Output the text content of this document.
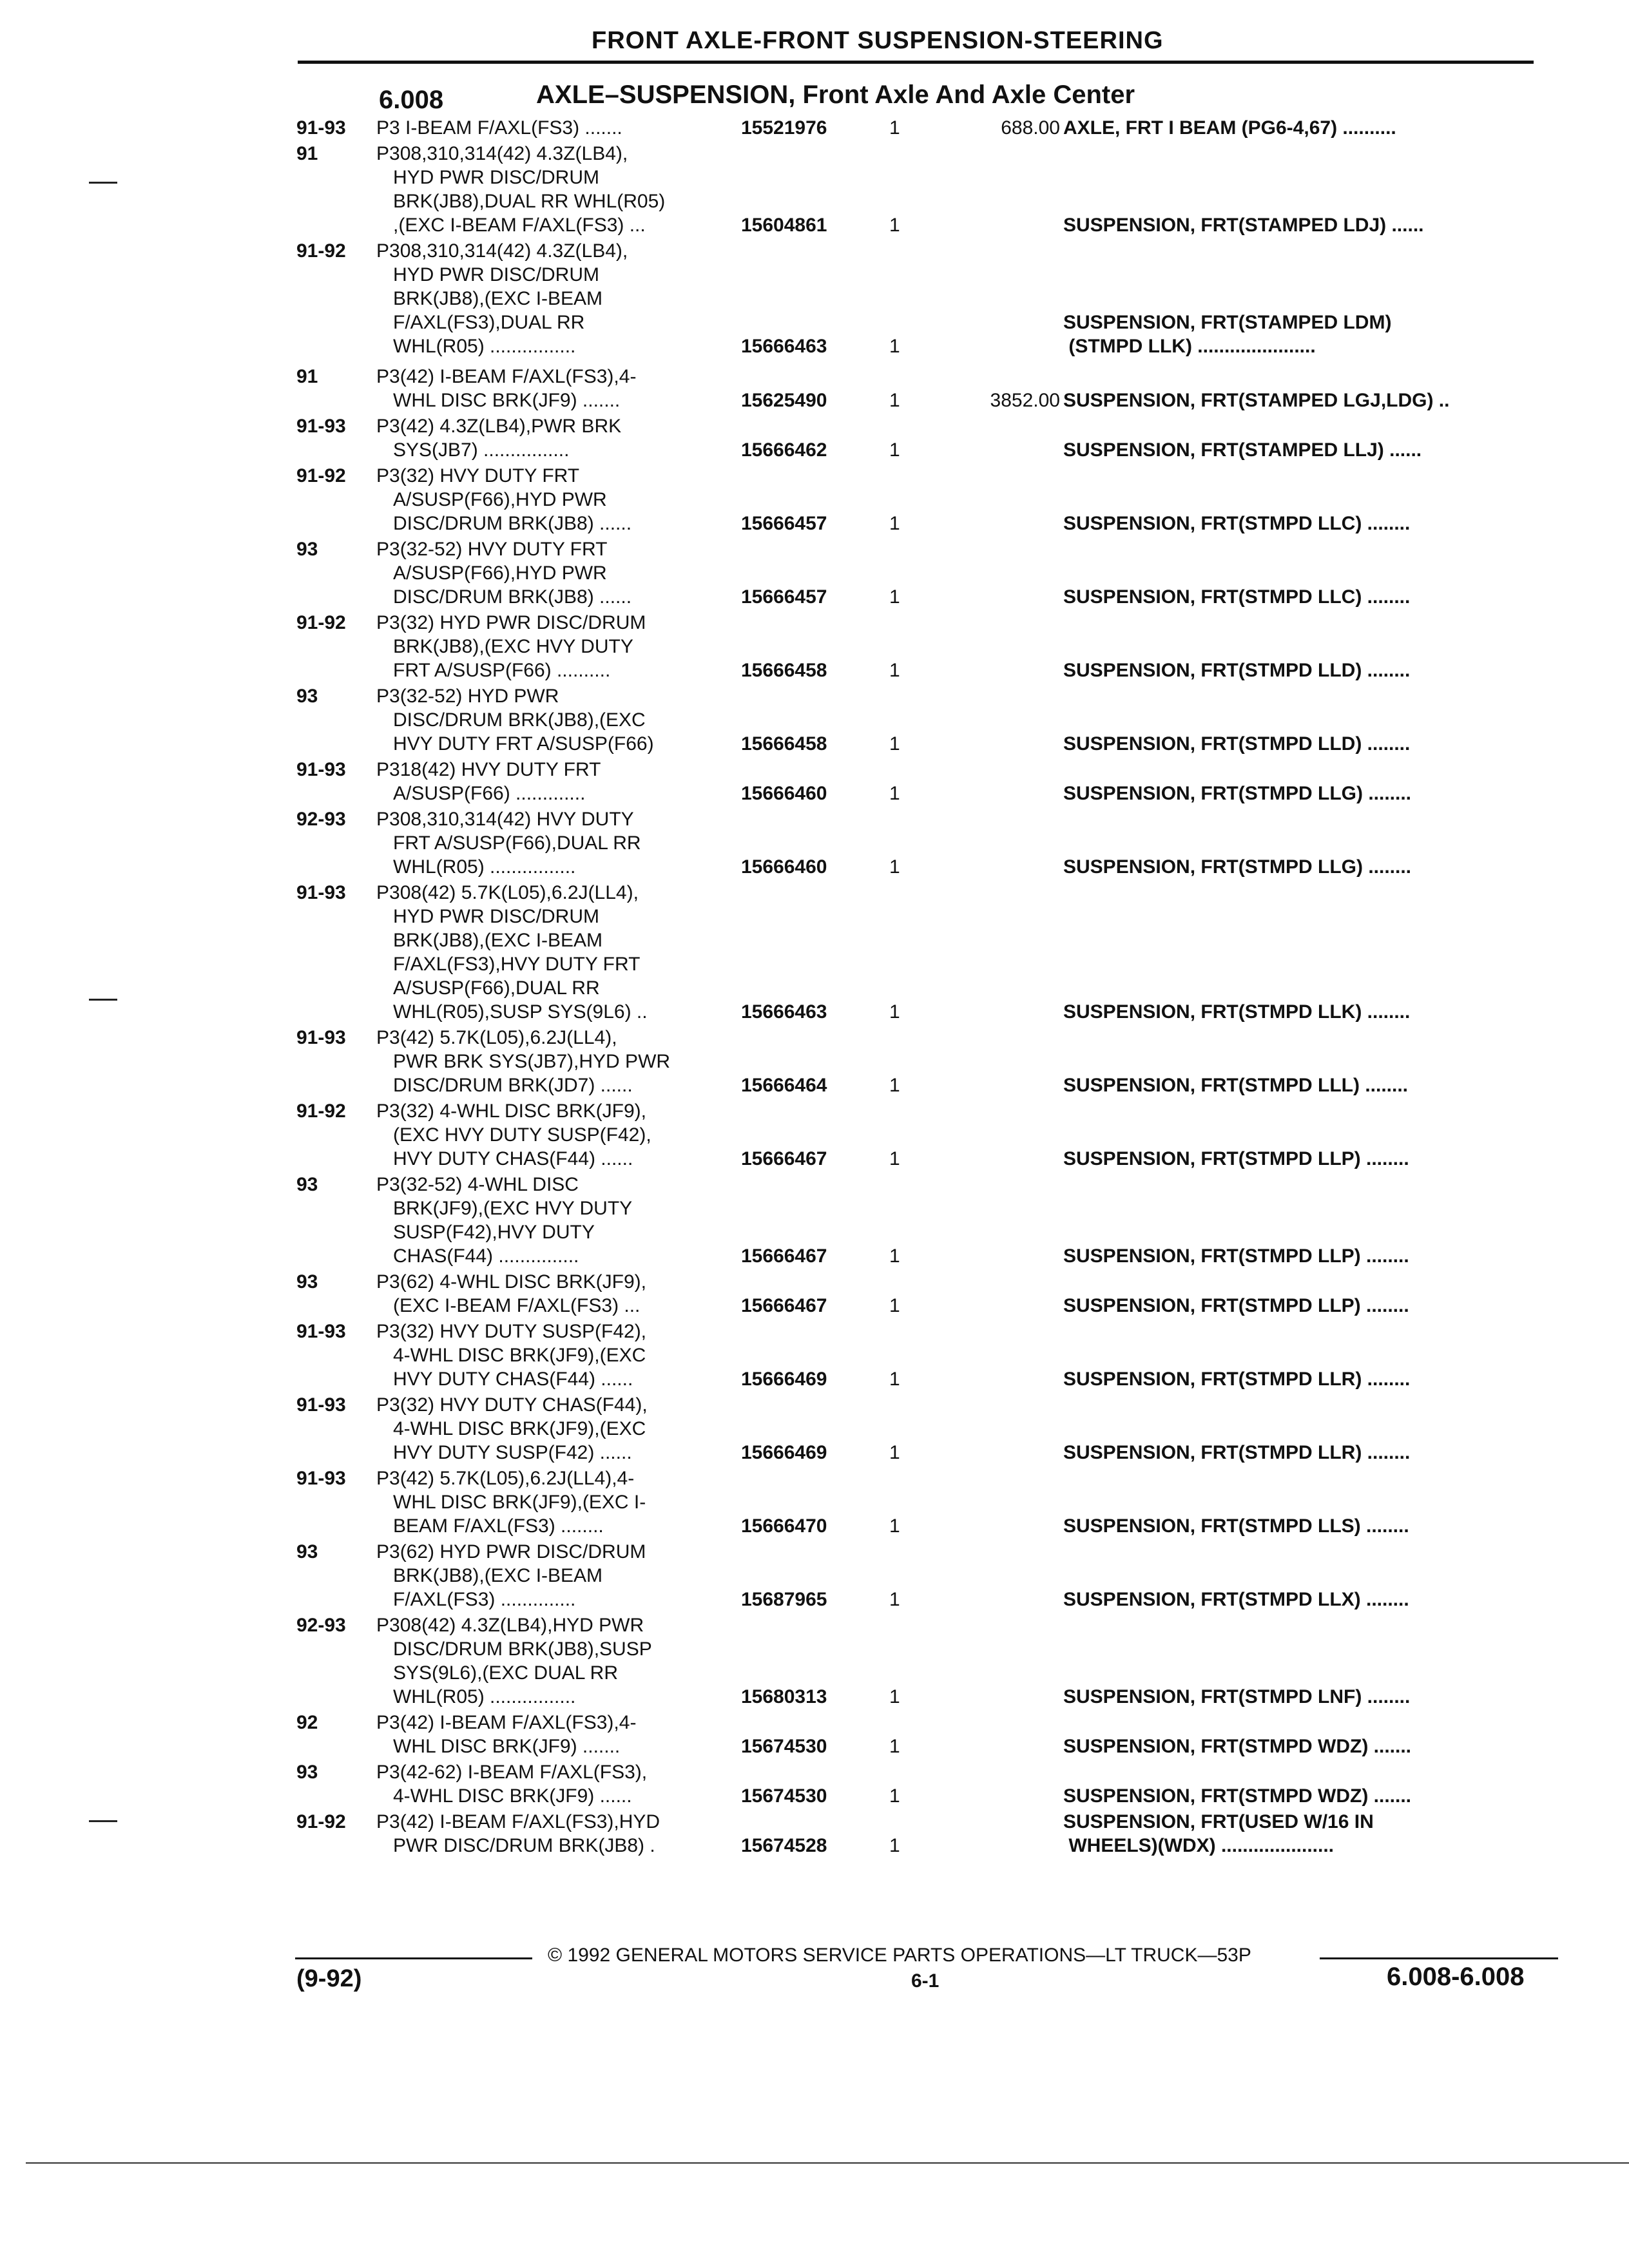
FRONT AXLE-FRONT SUSPENSION-STEERING
6.008	AXLE–SUSPENSION, Front Axle And Axle Center
91-93	P3 I-BEAM F/AXL(FS3) .......	15521976	1	688.00 AXLE, FRT I BEAM (PG6-4,67) ..........
91	P308,310,314(42) 4.3Z(LB4),
HYD PWR DISC/DRUM
BRK(JB8),DUAL RR WHL(R05)
,(EXC I-BEAM F/AXL(FS3) ...	15604861	1	SUSPENSION, FRT(STAMPED LDJ) ......
91-92	P308,310,314(42) 4.3Z(LB4),
HYD PWR DISC/DRUM
BRK(JB8),(EXC I-BEAM
F/AXL(FS3),DUAL RR
WHL(R05) ................	15666463	1
SUSPENSION, FRT(STAMPED LDM)
(STMPD LLK) ......................
91	P3(42) I-BEAM F/AXL(FS3),4-
WHL DISC BRK(JF9) .......	15625490	1	3852.00 SUSPENSION, FRT(STAMPED LGJ,LDG) ..
91-93	P3(42) 4.3Z(LB4),PWR BRK
SYS(JB7) ................	15666462	1	SUSPENSION, FRT(STAMPED LLJ) ......
91-92	P3(32) HVY DUTY FRT
A/SUSP(F66),HYD PWR
DISC/DRUM BRK(JB8) ......	15666457	1	SUSPENSION, FRT(STMPD LLC) ........
93	P3(32-52) HVY DUTY FRT
A/SUSP(F66),HYD PWR
DISC/DRUM BRK(JB8) ......	15666457	1	SUSPENSION, FRT(STMPD LLC) ........
91-92	P3(32) HYD PWR DISC/DRUM
BRK(JB8),(EXC HVY DUTY
FRT A/SUSP(F66) ..........	15666458	1	SUSPENSION, FRT(STMPD LLD) ........
93	P3(32-52) HYD PWR
DISC/DRUM BRK(JB8),(EXC
HVY DUTY FRT A/SUSP(F66)	15666458	1	SUSPENSION, FRT(STMPD LLD) ........
91-93	P318(42) HVY DUTY FRT
A/SUSP(F66) .............	15666460	1	SUSPENSION, FRT(STMPD LLG) ........
92-93	P308,310,314(42) HVY DUTY
FRT A/SUSP(F66),DUAL RR
WHL(R05) ................	15666460	1	SUSPENSION, FRT(STMPD LLG) ........
91-93	P308(42) 5.7K(L05),6.2J(LL4),
HYD PWR DISC/DRUM
BRK(JB8),(EXC I-BEAM
F/AXL(FS3),HVY DUTY FRT
A/SUSP(F66),DUAL RR
WHL(R05),SUSP SYS(9L6) ..	15666463	1	SUSPENSION, FRT(STMPD LLK) ........
91-93	P3(42) 5.7K(L05),6.2J(LL4),
PWR BRK SYS(JB7),HYD PWR
DISC/DRUM BRK(JD7) ......	15666464	1	SUSPENSION, FRT(STMPD LLL) ........
91-92	P3(32) 4-WHL DISC BRK(JF9),
(EXC HVY DUTY SUSP(F42),
HVY DUTY CHAS(F44) ......	15666467	1	SUSPENSION, FRT(STMPD LLP) ........
93	P3(32-52) 4-WHL DISC
BRK(JF9),(EXC HVY DUTY
SUSP(F42),HVY DUTY
CHAS(F44) ...............	15666467	1	SUSPENSION, FRT(STMPD LLP) ........
93	P3(62) 4-WHL DISC BRK(JF9),
(EXC I-BEAM F/AXL(FS3) ...	15666467	1	SUSPENSION, FRT(STMPD LLP) ........
91-93	P3(32) HVY DUTY SUSP(F42),
4-WHL DISC BRK(JF9),(EXC
HVY DUTY CHAS(F44) ......	15666469	1	SUSPENSION, FRT(STMPD LLR) ........
91-93	P3(32) HVY DUTY CHAS(F44),
4-WHL DISC BRK(JF9),(EXC
HVY DUTY SUSP(F42) ......	15666469	1	SUSPENSION, FRT(STMPD LLR) ........
91-93	P3(42) 5.7K(L05),6.2J(LL4),4-
WHL DISC BRK(JF9),(EXC I-
BEAM F/AXL(FS3) ........	15666470	1	SUSPENSION, FRT(STMPD LLS) ........
93	P3(62) HYD PWR DISC/DRUM
BRK(JB8),(EXC I-BEAM
F/AXL(FS3) ..............	15687965	1	SUSPENSION, FRT(STMPD LLX) ........
92-93	P308(42) 4.3Z(LB4),HYD PWR
DISC/DRUM BRK(JB8),SUSP
SYS(9L6),(EXC DUAL RR
WHL(R05) ................	15680313	1	SUSPENSION, FRT(STMPD LNF) ........
92	P3(42) I-BEAM F/AXL(FS3),4-
WHL DISC BRK(JF9) .......	15674530	1	SUSPENSION, FRT(STMPD WDZ) .......
93	P3(42-62) I-BEAM F/AXL(FS3),
4-WHL DISC BRK(JF9) ......	15674530	1	SUSPENSION, FRT(STMPD WDZ) .......
91-92	P3(42) I-BEAM F/AXL(FS3),HYD
PWR DISC/DRUM BRK(JB8) .	15674528	1
SUSPENSION, FRT(USED W/16 IN
WHEELS)(WDX) .....................
© 1992 GENERAL MOTORS SERVICE PARTS OPERATIONS—LT TRUCK—53P
(9-92)	6-1	6.008-6.008
